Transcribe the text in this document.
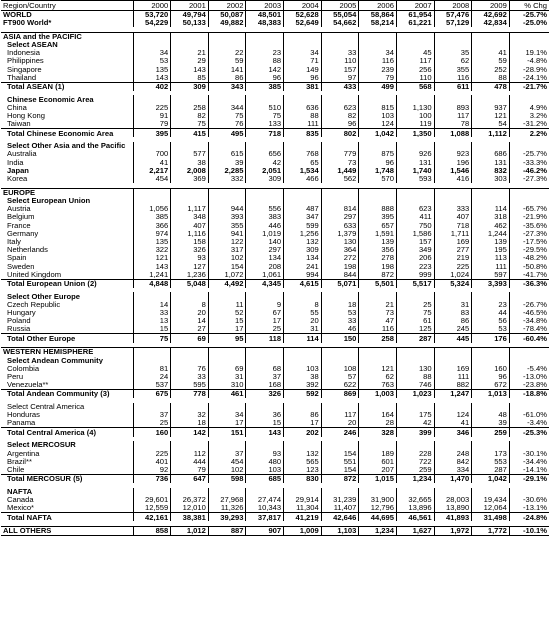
Region/Country	2000	2001	2002	2003	2004	2005	2006	2007	2008	2009	% Chg
WORLD	53,720	49,794	50,087	48,501	52,628	55,054	58,864	61,954	57,476	42,692	-25.7%
FT900 World*	54,229	50,133	49,882	48,383	52,649	54,662	58,214	61,221	57,129	42,834	-25.0%

ASIA and the PACIFIC											
Select ASEAN											
Indonesia	34	21	22	23	34	33	34	45	35	41	19.1%
Philippines	53	29	59	88	71	110	116	117	62	59	-4.8%
Singapore	135	143	141	142	149	157	239	256	355	252	-28.9%
Thailand	143	85	86	96	96	97	79	110	116	88	-24.1%
Total ASEAN (1)	402	309	343	385	381	433	499	568	611	478	-21.7%

Chinese Economic Area											
China	225	258	344	510	636	623	815	1,130	893	937	4.9%
Hong Kong	91	82	75	75	88	82	103	100	117	121	3.2%
Taiwan	79	75	76	133	111	96	124	119	78	54	-31.2%
Total Chinese Economic Area	395	415	495	718	835	802	1,042	1,350	1,088	1,112	2.2%

Select Other Asia and the Pacific											
Australia	700	577	615	656	768	779	875	926	923	686	-25.7%
India	41	38	39	42	65	73	96	131	196	131	-33.3%
Japan	2,217	2,008	2,285	2,051	1,534	1,449	1,748	1,740	1,546	832	-46.2%
Korea	454	369	332	309	466	562	570	593	416	303	-27.3%

EUROPE											
Select European Union											
Austria	1,056	1,117	944	556	487	814	888	623	333	114	-65.7%
Belgium	385	348	393	383	347	297	395	411	407	318	-21.9%
France	366	407	355	446	599	633	657	750	718	462	-35.6%
Germany	974	1,116	941	1,019	1,256	1,379	1,591	1,586	1,711	1,244	-27.3%
Italy	135	158	122	140	132	130	139	157	169	139	-17.5%
Netherlands	322	326	317	297	309	364	356	349	277	195	-29.5%
Spain	121	93	102	134	134	272	278	206	219	113	-48.2%
Sweden	143	127	154	208	241	198	198	223	225	111	-50.8%
United Kingdom	1,241	1,236	1,072	1,061	994	844	872	999	1,024	597	-41.7%
Total European Union (2)	4,848	5,048	4,492	4,345	4,615	5,071	5,501	5,517	5,324	3,393	-36.3%

Select Other Europe											
Czech Republic	14	8	11	9	8	18	21	25	31	23	-26.7%
Hungary	33	20	52	67	55	53	73	75	83	44	-46.5%
Poland	13	14	15	17	20	33	47	61	86	56	-34.8%
Russia	15	27	17	25	31	46	116	125	245	53	-78.4%
Total Other Europe	75	69	95	118	114	150	258	287	445	176	-60.4%

WESTERN HEMISPHERE											
Select Andean Community											
Colombia	81	76	69	68	103	108	121	130	169	160	-5.4%
Peru	24	33	31	37	38	57	62	88	111	96	-13.0%
Venezuela**	537	595	310	168	392	622	763	746	882	672	-23.8%
Total Andean Community (3)	675	778	461	326	592	869	1,003	1,023	1,247	1,013	-18.8%

Select Central America											
Honduras	37	32	34	36	86	117	164	175	124	48	-61.0%
Panama	25	18	17	15	17	20	28	42	41	39	-3.4%
Total Central America (4)	160	142	151	143	202	246	328	399	346	259	-25.3%

Select MERCOSUR											
Argentina	225	112	37	93	132	154	189	228	248	173	-30.1%
Brazil**	401	444	454	480	565	551	601	722	842	553	-34.4%
Chile	92	79	102	103	123	154	207	259	334	287	-14.1%
Total MERCOSUR (5)	736	647	598	685	830	872	1,015	1,234	1,470	1,042	-29.1%

NAFTA											
Canada	29,601	26,372	27,968	27,474	29,914	31,239	31,900	32,665	28,003	19,434	-30.6%
Mexico*	12,559	12,010	11,326	10,343	11,304	11,407	12,796	13,896	13,890	12,064	-13.1%
Total NAFTA	42,161	38,381	39,293	37,817	41,219	42,646	44,695	46,561	41,893	31,498	-24.8%

ALL OTHERS	858	1,012	887	907	1,009	1,103	1,234	1,627	1,972	1,772	-10.1%
